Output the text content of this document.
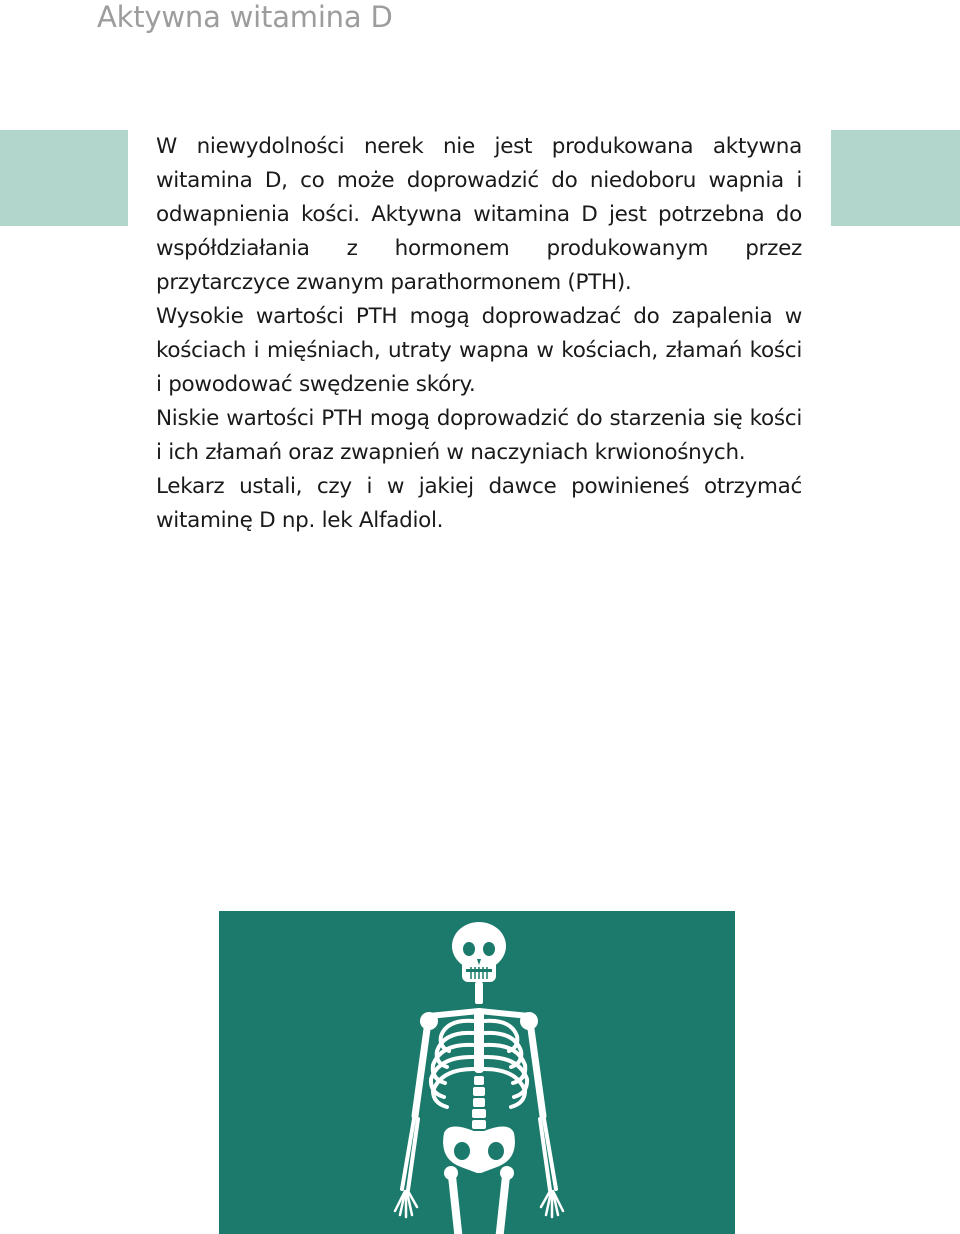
Aktywna witamina D

W niewydolności nerek nie jest produkowana aktywna witamina D, co może doprowadzić do niedoboru wapnia i odwapnienia kości. Aktywna witamina D jest potrzebna do współdziałania z hormonem produkowanym przez przytarczyce zwanym parathormonem (PTH).

Wysokie wartości PTH mogą doprowadzać do zapalenia w kościach i mięśniach, utraty wapna w kościach, złamań kości i powodować swędzenie skóry.

Niskie wartości PTH mogą doprowadzić do starzenia się kości i ich złamań oraz zwapnień w naczyniach krwionośnych.

Lekarz ustali, czy i w jakiej dawce powinieneś otrzymać witaminę D np. lek Alfadiol.
